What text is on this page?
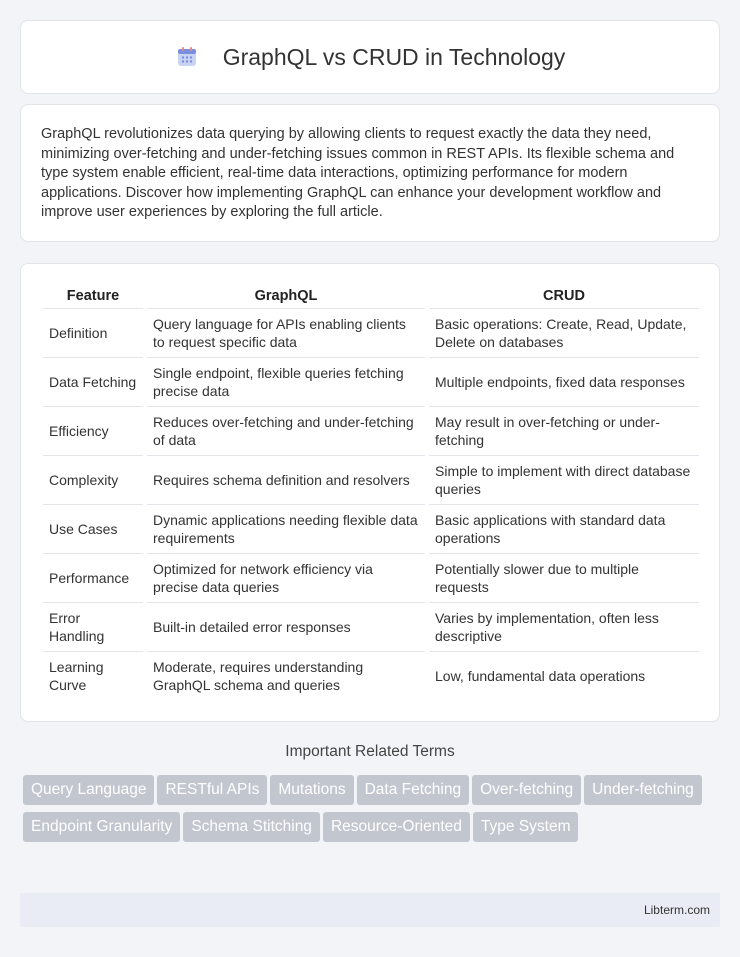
GraphQL vs CRUD in Technology

GraphQL revolutionizes data querying by allowing clients to request exactly the data they need, minimizing over-fetching and under-fetching issues common in REST APIs. Its flexible schema and type system enable efficient, real-time data interactions, optimizing performance for modern applications. Discover how implementing GraphQL can enhance your development workflow and improve user experiences by exploring the full article.

Feature	GraphQL	CRUD
Definition	Query language for APIs enabling clients to request specific data	Basic operations: Create, Read, Update, Delete on databases
Data Fetching	Single endpoint, flexible queries fetching precise data	Multiple endpoints, fixed data responses
Efficiency	Reduces over-fetching and under-fetching of data	May result in over-fetching or under-fetching
Complexity	Requires schema definition and resolvers	Simple to implement with direct database queries
Use Cases	Dynamic applications needing flexible data requirements	Basic applications with standard data operations
Performance	Optimized for network efficiency via precise data queries	Potentially slower due to multiple requests
Error Handling	Built-in detailed error responses	Varies by implementation, often less descriptive
Learning Curve	Moderate, requires understanding GraphQL schema and queries	Low, fundamental data operations
Important Related Terms
Query Language RESTful APIs Mutations Data Fetching Over-fetching Under-fetchingEndpoint Granularity Schema Stitching Resource-Oriented Type System
Libterm.com
